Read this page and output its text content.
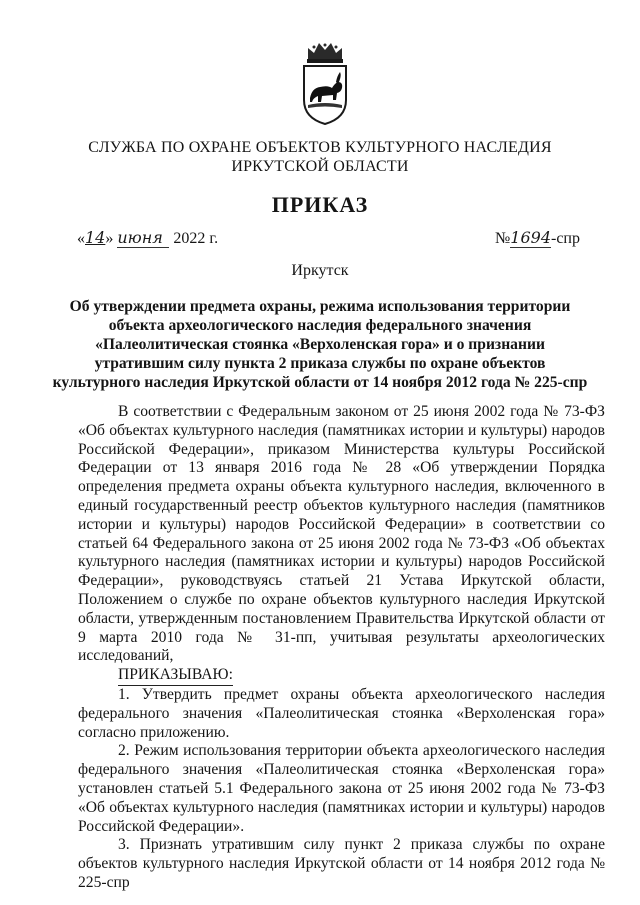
СЛУЖБА ПО ОХРАНЕ ОБЪЕКТОВ КУЛЬТУРНОГО НАСЛЕДИЯ
ИРКУТСКОЙ ОБЛАСТИ
ПРИКАЗ
«14» июня 2022 г.	№1694-спр
Иркутск
Об утверждении предмета охраны, режима использования территории
объекта археологического наследия федерального значения
«Палеолитическая стоянка «Верхоленская гора» и о признании
утратившим силу пункта 2 приказа службы по охране объектов
культурного наследия Иркутской области от 14 ноября 2012 года № 225-спр

В соответствии с Федеральным законом от 25 июня 2002 года № 73-ФЗ «Об объектах культурного наследия (памятниках истории и культуры) народов Российской Федерации», приказом Министерства культуры Российской Федерации от 13 января 2016 года № 28 «Об утверждении Порядка определения предмета охраны объекта культурного наследия, включенного в единый государственный реестр объектов культурного наследия (памятников истории и культуры) народов Российской Федерации» в соответствии со статьей 64 Федерального закона от 25 июня 2002 года № 73-ФЗ «Об объектах культурного наследия (памятниках истории и культуры) народов Российской Федерации», руководствуясь статьей 21 Устава Иркутской области, Положением о службе по охране объектов культурного наследия Иркутской области, утвержденным постановлением Правительства Иркутской области от 9 марта 2010 года № 31-пп, учитывая результаты археологических исследований,

ПРИКАЗЫВАЮ:

1. Утвердить предмет охраны объекта археологического наследия федерального значения «Палеолитическая стоянка «Верхоленская гора» согласно приложению.

2. Режим использования территории объекта археологического наследия федерального значения «Палеолитическая стоянка «Верхоленская гора» установлен статьей 5.1 Федерального закона от 25 июня 2002 года № 73-ФЗ «Об объектах культурного наследия (памятниках истории и культуры) народов Российской Федерации».

3. Признать утратившим силу пункт 2 приказа службы по охране объектов культурного наследия Иркутской области от 14 ноября 2012 года № 225-спр
